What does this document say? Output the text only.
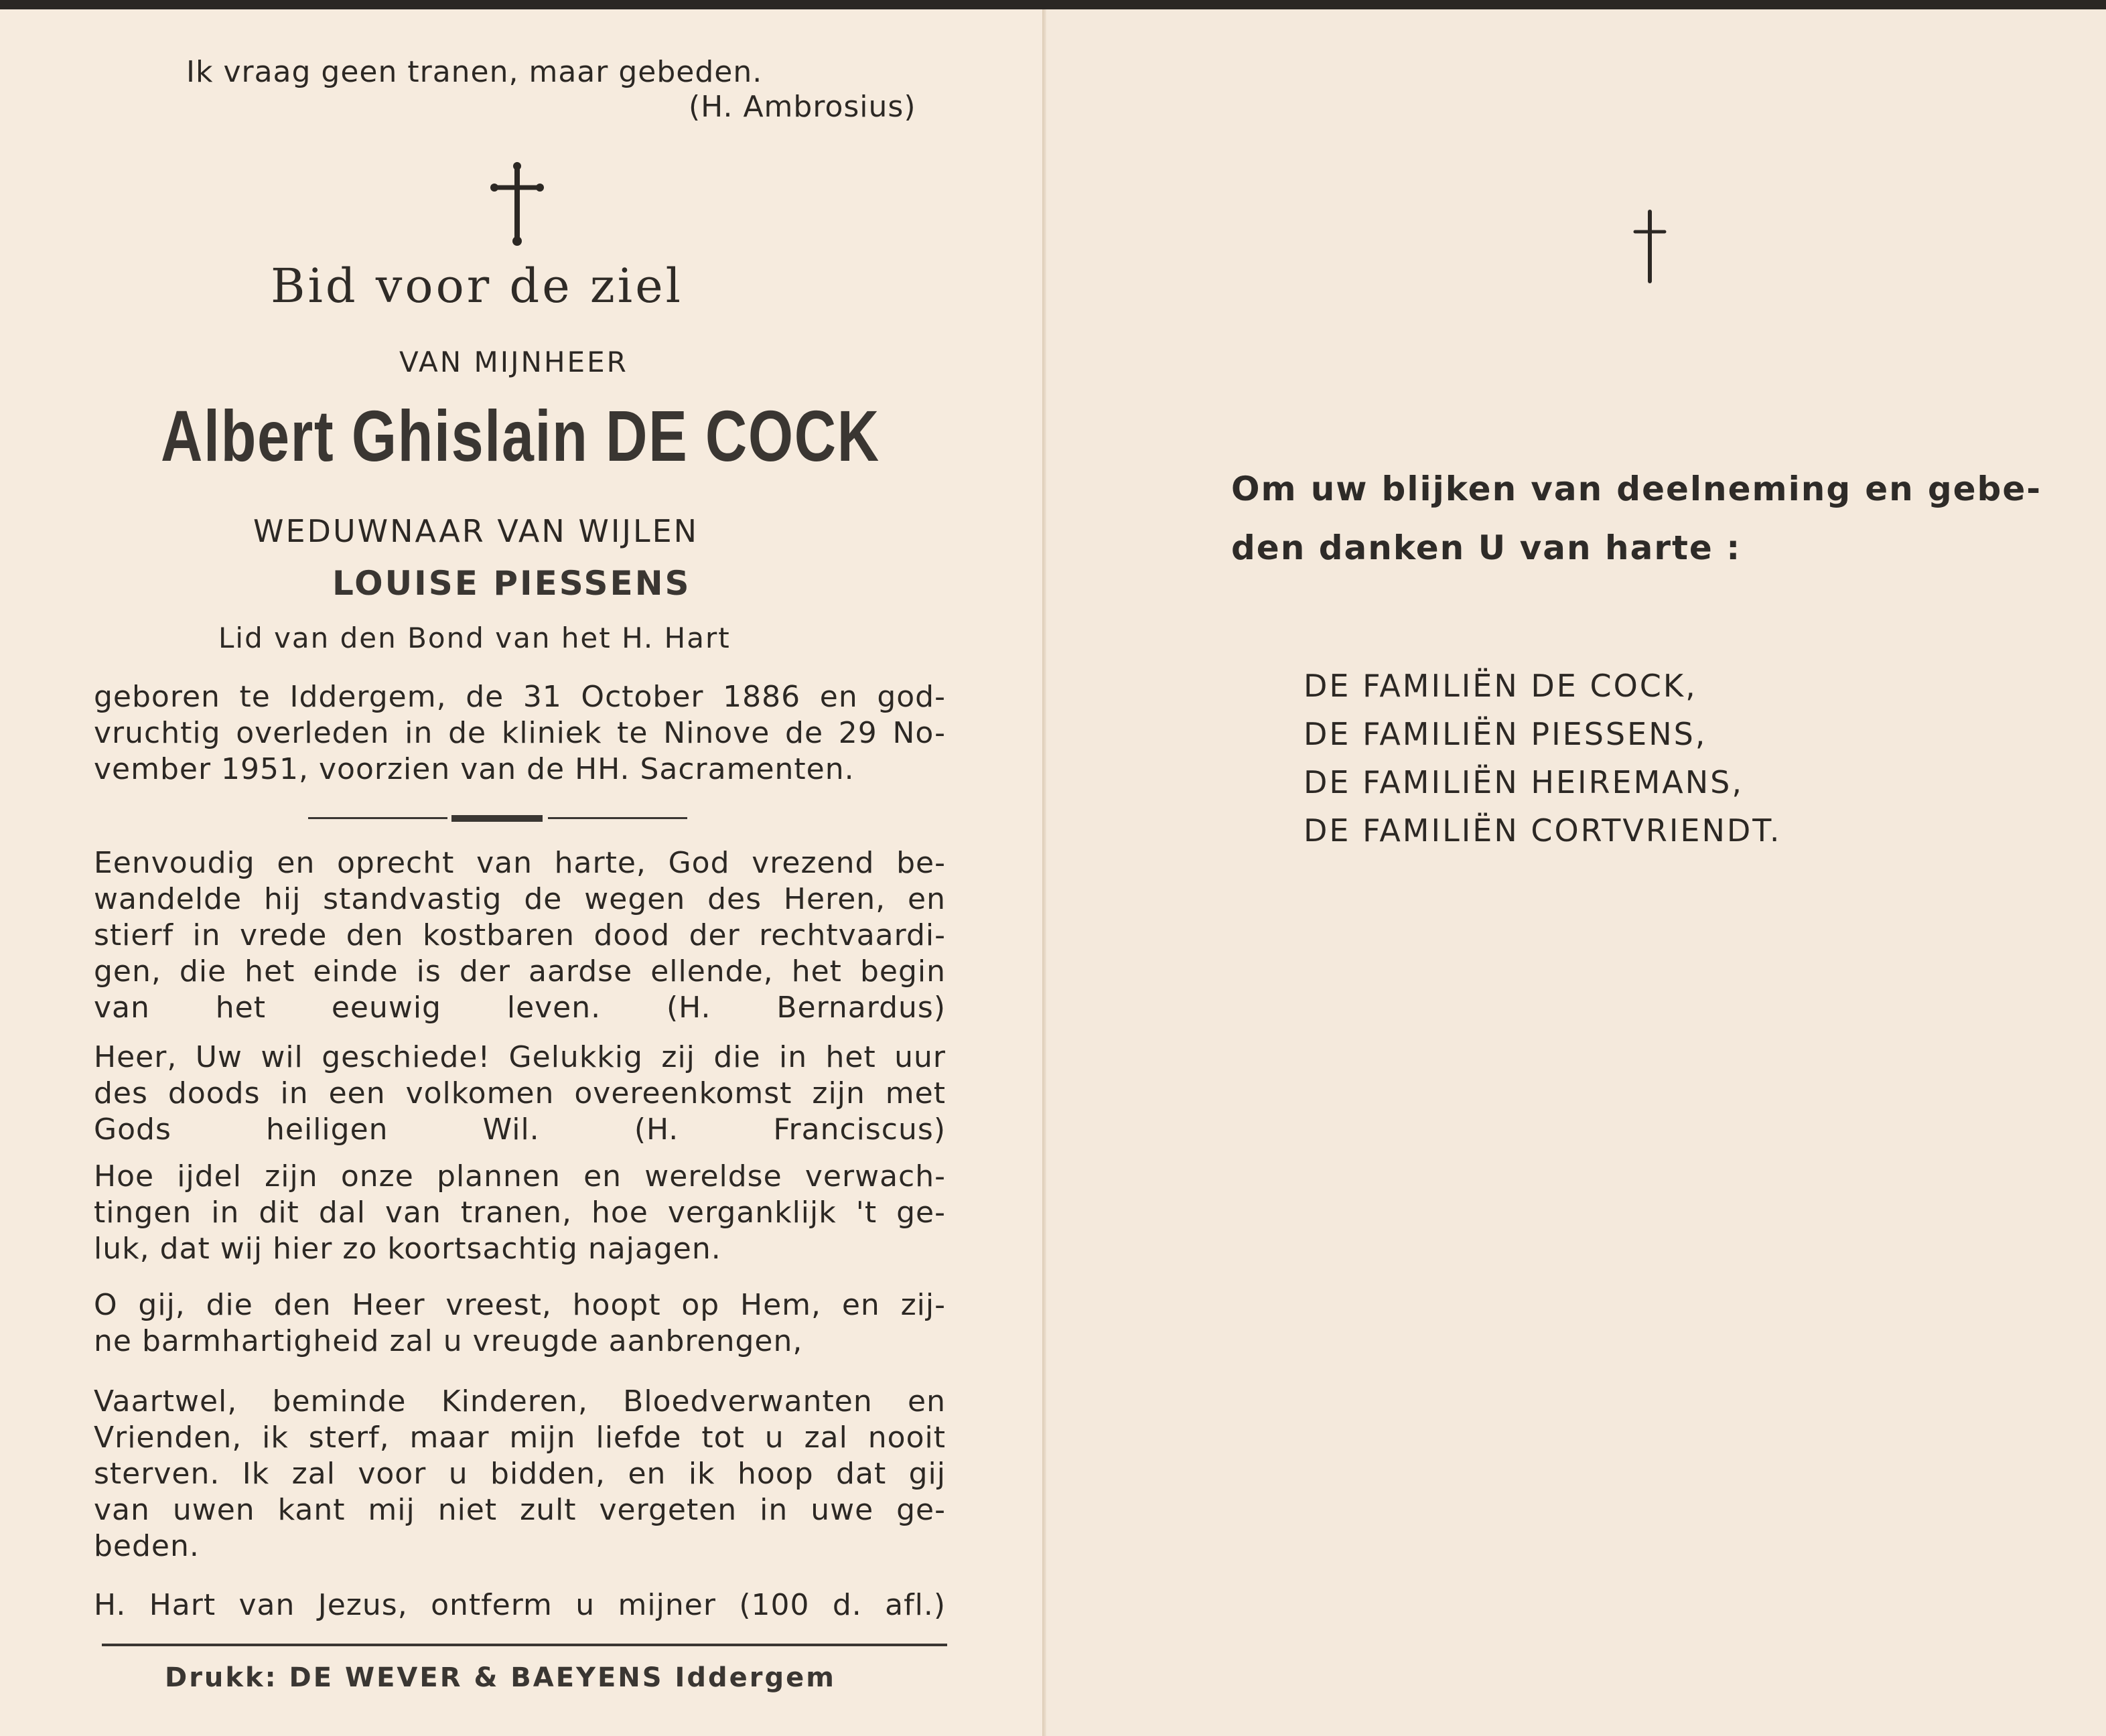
Ik vraag geen tranen, maar gebeden.
(H. Ambrosius)
Bid voor de ziel
VAN MIJNHEER
Albert Ghislain DE COCK
WEDUWNAAR VAN WIJLEN
LOUISE PIESSENS
Lid van den Bond van het H. Hart
geboren te Iddergem, de 31 October 1886 en god-
vruchtig overleden in de kliniek te Ninove de 29 No-
vember 1951, voorzien van de HH. Sacramenten.
Eenvoudig en oprecht van harte, God vrezend be-
wandelde hij standvastig de wegen des Heren, en
stierf in vrede den kostbaren dood der rechtvaardi-
gen, die het einde is der aardse ellende, het begin
van het eeuwig leven. (H. Bernardus)
Heer, Uw wil geschiede! Gelukkig zij die in het uur
des doods in een volkomen overeenkomst zijn met
Gods heiligen Wil.	(H. Franciscus)
Hoe ijdel zijn onze plannen en wereldse verwach-
tingen in dit dal van tranen, hoe verganklijk 't ge-
luk, dat wij hier zo koortsachtig najagen.
O gij, die den Heer vreest, hoopt op Hem, en zij-
ne barmhartigheid zal u vreugde aanbrengen,
Vaartwel, beminde Kinderen, Bloedverwanten en
Vrienden, ik sterf, maar mijn liefde tot u zal nooit
sterven. Ik zal voor u bidden, en ik hoop dat gij
van uwen kant mij niet zult vergeten in uwe ge-
beden.
H. Hart van Jezus, ontferm u mijner (100 d. afl.)
Drukk: DE WEVER & BAEYENS Iddergem
Om uw blijken van deelneming en gebe-
den danken U van harte :
DE FAMILIËN DE COCK,
DE FAMILIËN PIESSENS,
DE FAMILIËN HEIREMANS,
DE FAMILIËN CORTVRIENDT.
